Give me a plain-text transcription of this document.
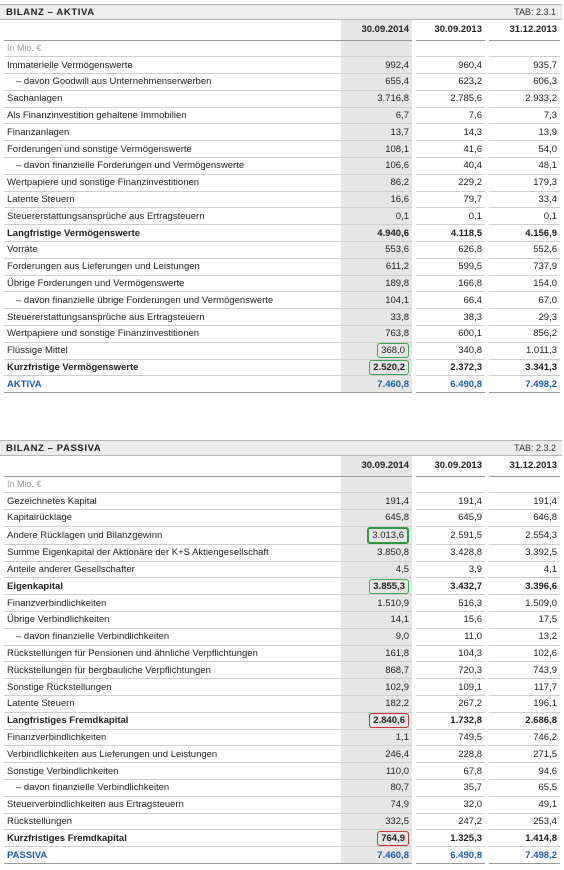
BILANZ – AKTIVA	TAB: 2.3.1
	30.09.2014	30.09.2013	31.12.2013
In Mio. €			
Immaterielle Vermögenswerte	992,4	960,4	935,7
– davon Goodwill aus Unternehmenserwerben	655,4	623,2	606,3
Sachanlagen	3.716,8	2.785,6	2.933,2
Als Finanzinvestition gehaltene Immobilien	6,7	7,6	7,3
Finanzanlagen	13,7	14,3	13,9
Forderungen und sonstige Vermögenswerte	108,1	41,6	54,0
– davon finanzielle Forderungen und Vermögenswerte	106,6	40,4	48,1
Wertpapiere und sonstige Finanzinvestitionen	86,2	229,2	179,3
Latente Steuern	16,6	79,7	33,4
Steuererstattungsansprüche aus Ertragsteuern	0,1	0,1	0,1
Langfristige Vermögenswerte	4.940,6	4.118,5	4.156,9
Vorräte	553,6	626,8	552,6
Forderungen aus Lieferungen und Leistungen	611,2	599,5	737,9
Übrige Forderungen und Vermögenswerte	189,8	166,8	154,0
– davon finanzielle übrige Forderungen und Vermögenswerte	104,1	66,4	67,0
Steuererstattungsansprüche aus Ertragsteuern	33,8	38,3	29,3
Wertpapiere und sonstige Finanzinvestitionen	763,8	600,1	856,2
Flüssige Mittel	368,0	340,8	1.011,3
Kurzfristige Vermögenswerte	2.520,2	2.372,3	3.341,3
AKTIVA	7.460,8	6.490,8	7.498,2
BILANZ – PASSIVA	TAB: 2.3.2
	30.09.2014	30.09.2013	31.12.2013
In Mio. €			
Gezeichnetes Kapital	191,4	191,4	191,4
Kapitalrücklage	645,8	645,9	646,8
Andere Rücklagen und Bilanzgewinn	3.013,6	2.591,5	2.554,3
Summe Eigenkapital der Aktionäre der K+S Aktiengesellschaft	3.850,8	3.428,8	3.392,5
Anteile anderer Gesellschafter	4,5	3,9	4,1
Eigenkapital	3.855,3	3.432,7	3.396,6
Finanzverbindlichkeiten	1.510,9	516,3	1.509,0
Übrige Verbindlichkeiten	14,1	15,6	17,5
– davon finanzielle Verbindlichkeiten	9,0	11,0	13,2
Rückstellungen für Pensionen und ähnliche Verpflichtungen	161,8	104,3	102,6
Rückstellungen für bergbauliche Verpflichtungen	868,7	720,3	743,9
Sonstige Rückstellungen	102,9	109,1	117,7
Latente Steuern	182,2	267,2	196,1
Langfristiges Fremdkapital	2.840,6	1.732,8	2.686,8
Finanzverbindlichkeiten	1,1	749,5	746,2
Verbindlichkeiten aus Lieferungen und Leistungen	246,4	228,8	271,5
Sonstige Verbindlichkeiten	110,0	67,8	94,6
– davon finanzielle Verbindlichkeiten	80,7	35,7	65,5
Steuerverbindlichkeiten aus Ertragsteuern	74,9	32,0	49,1
Rückstellungen	332,5	247,2	253,4
Kurzfristiges Fremdkapital	764,9	1.325,3	1.414,8
PASSIVA	7.460,8	6.490,8	7.498,2
